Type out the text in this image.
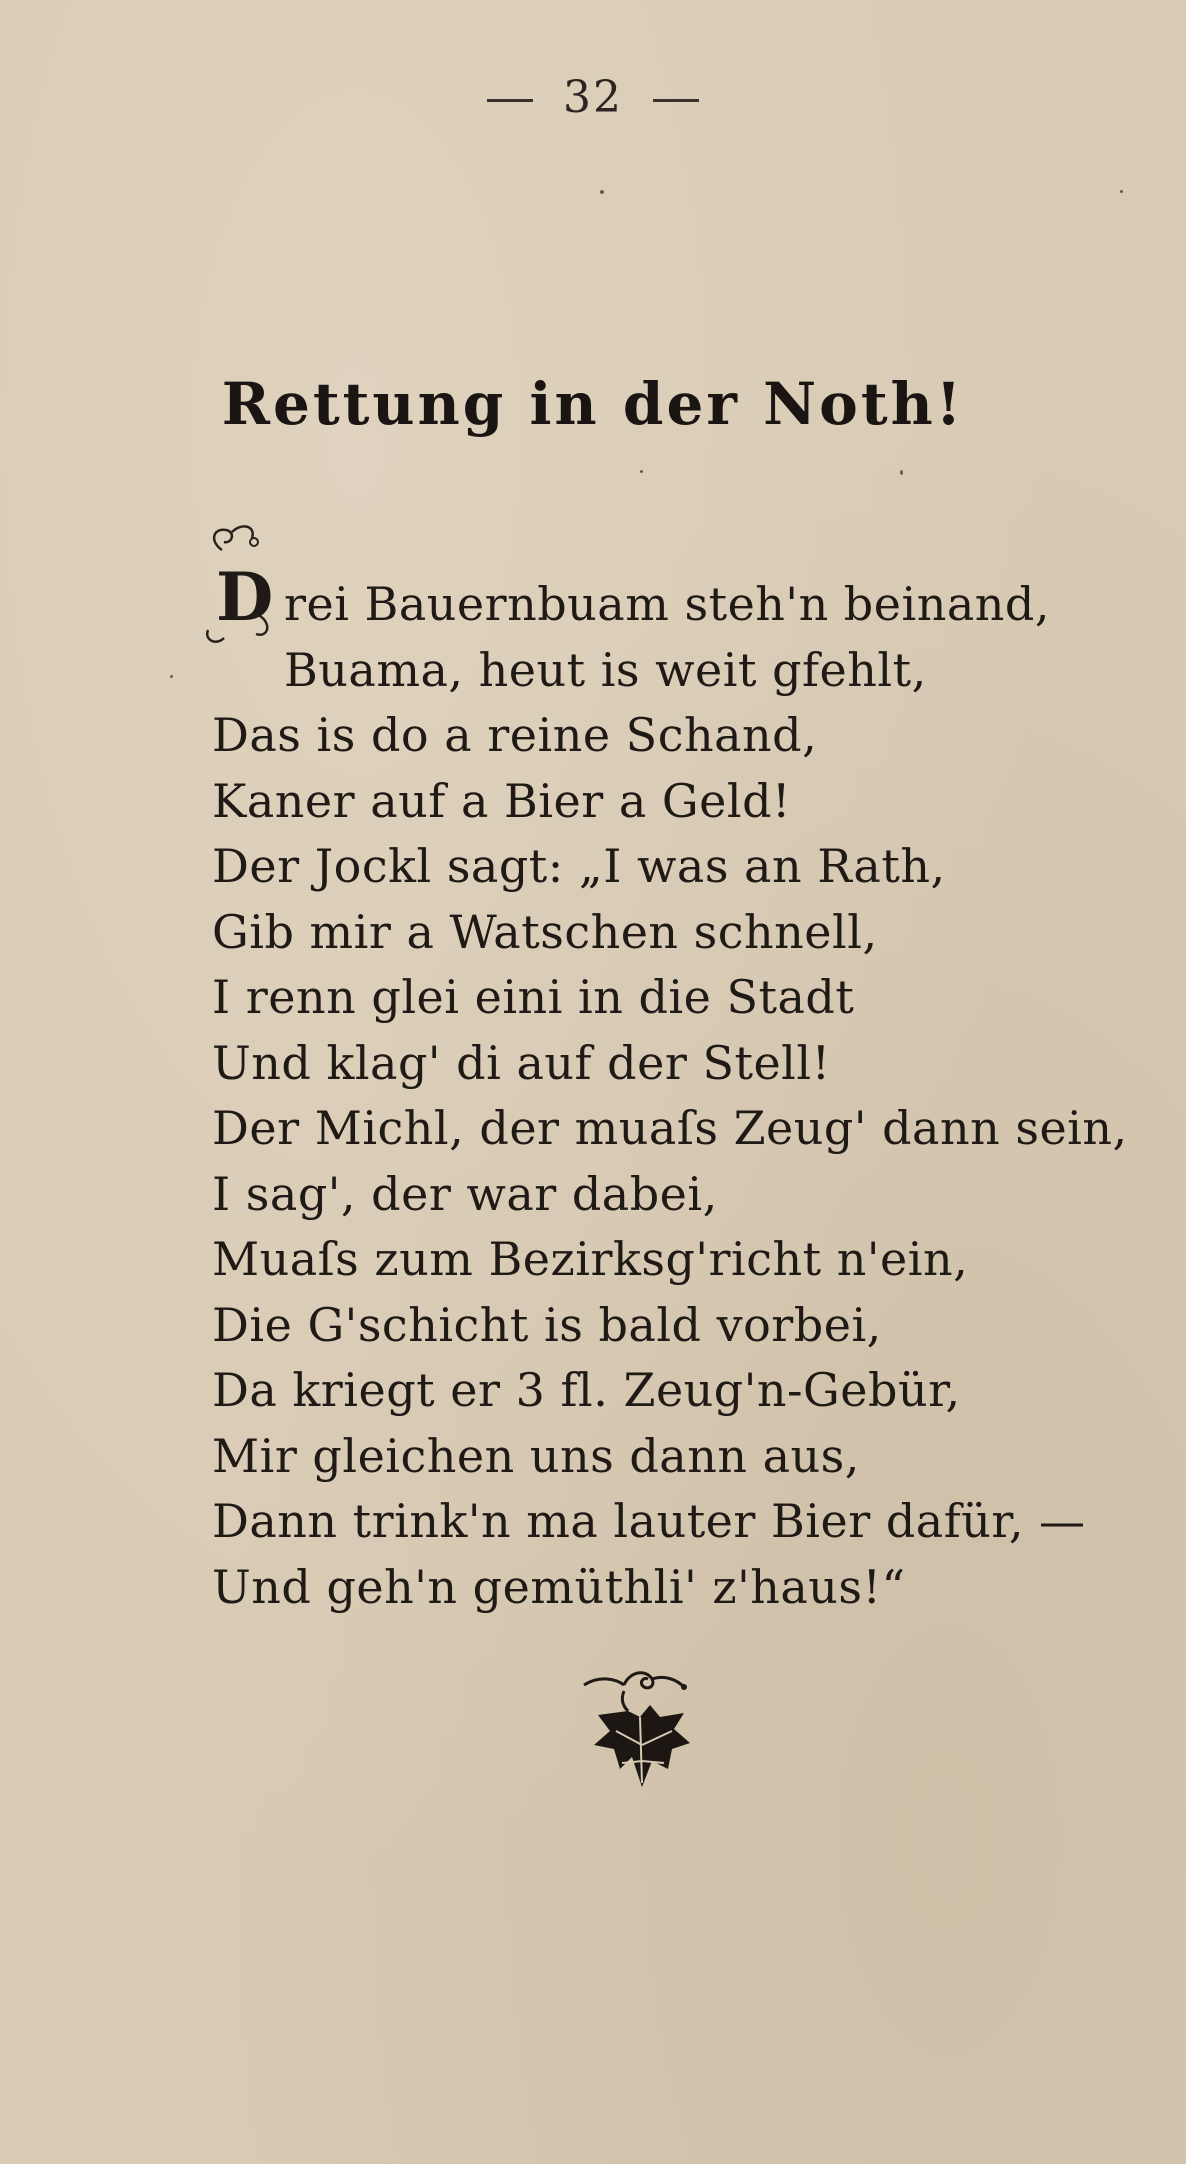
32
Rettung in der Noth!
D rei Bauernbuam steh'n beinand,
Buama, heut is weit gfehlt,
Das is do a reine Schand,
Kaner auf a Bier a Geld!
Der Jockl sagt: „I was an Rath,
Gib mir a Watschen schnell,
I renn glei eini in die Stadt
Und klag' di auf der Stell!
Der Michl, der muaſs Zeug' dann sein,
I sag', der war dabei,
Muaſs zum Bezirksg'richt n'ein,
Die G'schicht is bald vorbei,
Da kriegt er 3 fl. Zeug'n-Gebür,
Mir gleichen uns dann aus,
Dann trink'n ma lauter Bier dafür, —
Und geh'n gemüthli' z'haus!“
